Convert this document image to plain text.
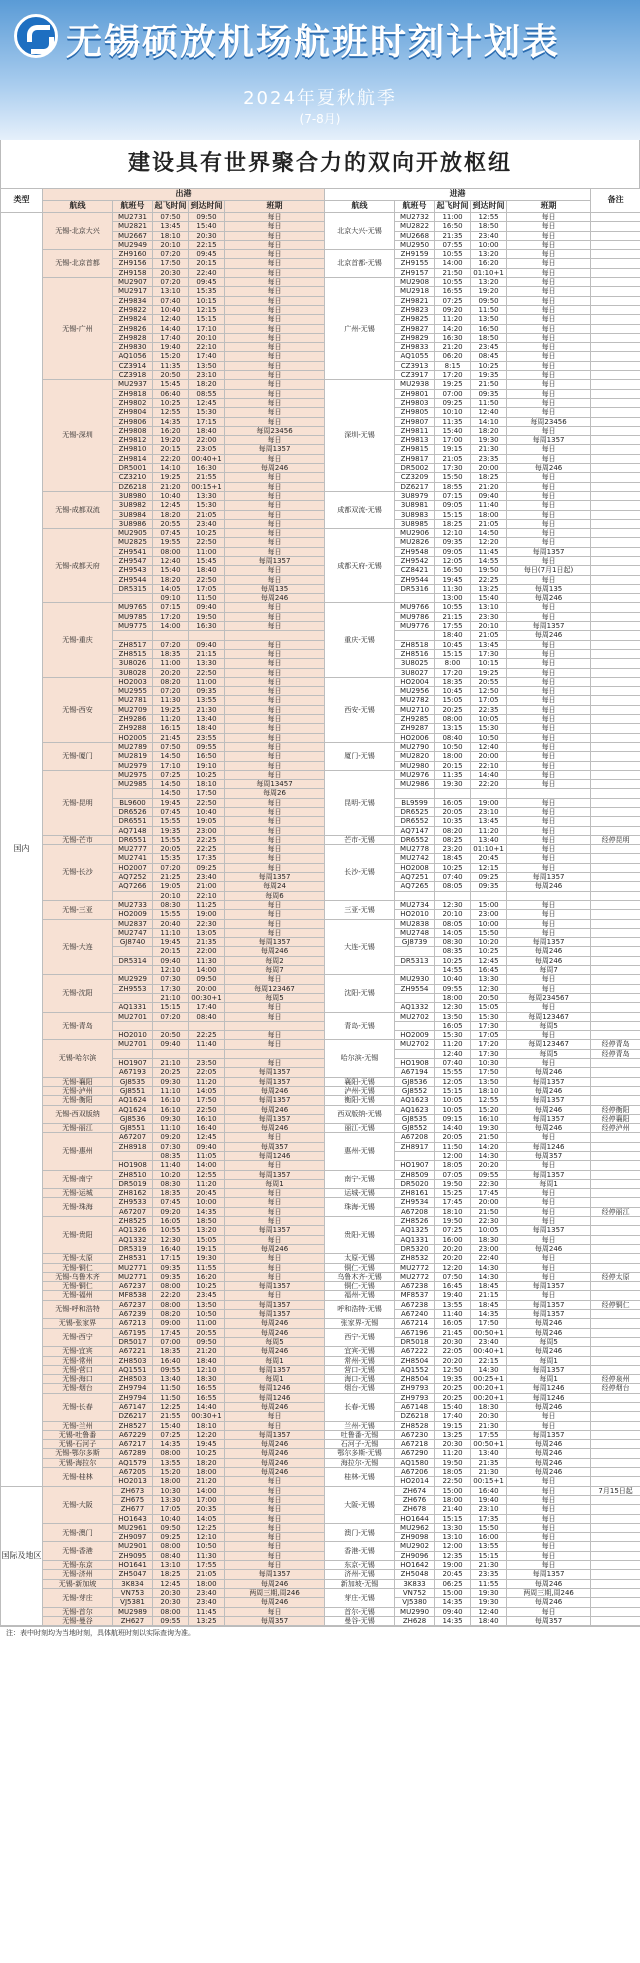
无锡硕放机场航班时刻计划表
2024年夏秋航季
(7-8月)
建设具有世界聚合力的双向开放枢纽
类型	出港					进港					备注
	航线	航班号	起飞时间	到达时间	班期	航线	航班号	起飞时间	到达时间	班期	
国内	无锡-北京大兴	MU2731	07:50	09:50	每日	北京大兴-无锡	MU2732	11:00	12:55	每日	
		MU2821	13:45	15:40	每日		MU2822	16:50	18:50	每日	
		MU2667	18:10	20:30	每日		MU2668	21:35	23:40	每日	
		MU2949	20:10	22:15	每日		MU2950	07:55	10:00	每日	
	无锡-北京首都	ZH9160	07:20	09:45	每日	北京首都-无锡	ZH9159	10:55	13:20	每日	
		ZH9156	17:50	20:15	每日		ZH9155	14:00	16:20	每日	
		ZH9158	20:30	22:40	每日		ZH9157	21:50	01:10+1	每日	
	无锡-广州	MU2907	07:20	09:45	每日	广州-无锡	MU2908	10:55	13:20	每日	
		MU2917	13:10	15:35	每日		MU2918	16:55	19:20	每日	
		ZH9834	07:40	10:15	每日		ZH9821	07:25	09:50	每日	
		ZH9822	10:40	12:15	每日		ZH9823	09:20	11:50	每日	
		ZH9824	12:40	15:15	每日		ZH9825	11:20	13:50	每日	
		ZH9826	14:40	17:10	每日		ZH9827	14:20	16:50	每日	
		ZH9828	17:40	20:10	每日		ZH9829	16:30	18:50	每日	
		ZH9830	19:40	22:10	每日		ZH9833	21:20	23:45	每日	
		AQ1056	15:20	17:40	每日		AQ1055	06:20	08:45	每日	
		CZ3914	11:35	13:50	每日		CZ3913	8:15	10:25	每日	
		CZ3918	20:50	23:10	每日		CZ3917	17:20	19:35	每日	
	无锡-深圳	MU2937	15:45	18:20	每日	深圳-无锡	MU2938	19:25	21:50	每日	
		ZH9818	06:40	08:55	每日		ZH9801	07:00	09:35	每日	
		ZH9802	10:25	12:45	每日		ZH9803	09:25	11:50	每日	
		ZH9804	12:55	15:30	每日		ZH9805	10:10	12:40	每日	
		ZH9806	14:35	17:15	每日		ZH9807	11:35	14:10	每周23456	
		ZH9808	16:20	18:40	每周23456		ZH9811	15:40	18:20	每日	
		ZH9812	19:20	22:00	每日		ZH9813	17:00	19:30	每周1357	
		ZH9810	20:15	23:05	每周1357		ZH9815	19:15	21:30	每日	
		ZH9814	22:20	00:40+1	每日		ZH9817	21:05	23:35	每日	
		DR5001	14:10	16:30	每周246		DR5002	17:30	20:00	每周246	
		CZ3210	19:25	21:55	每日		CZ3209	15:50	18:25	每日	
		DZ6218	21:20	00:15+1	每日		DZ6217	18:55	21:20	每日	
	无锡-成都双流	3U8980	10:40	13:30	每日	成都双流-无锡	3U8979	07:15	09:40	每日	
		3U8982	12:45	15:30	每日		3U8981	09:05	11:40	每日	
		3U8984	18:20	21:05	每日		3U8983	15:15	18:00	每日	
		3U8986	20:55	23:40	每日		3U8985	18:25	21:05	每日	
	无锡-成都天府	MU2905	07:45	10:25	每日	成都天府-无锡	MU2906	12:10	14:50	每日	
		MU2825	19:55	22:50	每日		MU2826	09:35	12:20	每日	
		ZH9541	08:00	11:00	每日		ZH9548	09:05	11:45	每周1357	
		ZH9547	12:40	15:45	每周1357		ZH9542	12:05	14:55	每日	
		ZH9543	15:40	18:40	每日		CZ8421	16:50	19:50	每日(7月1日起)	
		ZH9544	18:20	22:50	每日		ZH9544	19:45	22:25	每日	
		DR5315	14:05	17:05	每周135		DR5316	11:30	13:25	每周135	
			09:10	11:50	每周246			13:00	15:40	每周246	
	无锡-重庆	MU9765	07:15	09:40	每日	重庆-无锡	MU9766	10:55	13:10	每日	
		MU9785	17:20	19:50	每日		MU9786	21:15	23:30	每日	
		MU9775	14:00	16:30	每日		MU9776	17:55	20:10	每周1357	
								18:40	21:05	每周246	
		ZH8517	07:20	09:40	每日		ZH8518	10:45	13:45	每日	
		ZH8515	18:35	21:15	每日		ZH8516	15:15	17:30	每日	
		3U8026	11:00	13:30	每日		3U8025	8:00	10:15	每日	
		3U8028	20:20	22:50	每日		3U8027	17:20	19:25	每日	
	无锡-西安	HO2003	08:20	11:00	每日	西安-无锡	HO2004	18:35	20:55	每日	
		MU2955	07:20	09:35	每日		MU2956	10:45	12:50	每日	
		MU2781	11:30	13:55	每日		MU2782	15:05	17:05	每日	
		MU2709	19:25	21:30	每日		MU2710	20:25	22:35	每日	
		ZH9286	11:20	13:40	每日		ZH9285	08:00	10:05	每日	
		ZH9288	16:15	18:40	每日		ZH9287	13:15	15:30	每日	
		HO2005	21:45	23:55	每日		HO2006	08:40	10:50	每日	
	无锡-厦门	MU2789	07:50	09:55	每日	厦门-无锡	MU2790	10:50	12:40	每日	
		MU2819	14:50	16:50	每日		MU2820	18:00	20:00	每日	
		MU2979	17:10	19:10	每日		MU2980	20:15	22:10	每日	
	无锡-昆明	MU2975	07:25	10:25	每日	昆明-无锡	MU2976	11:35	14:40	每日	
		MU2985	14:50	18:10	每周13457		MU2986	19:30	22:20	每日	
			14:50	17:50	每周26						
		BL9600	19:45	22:50	每日		BL9599	16:05	19:00	每日	
		DR6526	07:45	10:40	每日		DR6525	20:05	23:10	每日	
		DR6551	15:55	19:05	每日		DR6552	10:35	13:45	每日	
		AQ7148	19:35	23:00	每日		AQ7147	08:20	11:20	每日	
	无锡-芒市	DR6551	15:55	22:25	每日	芒市-无锡	DR6552	08:25	13:40	每日	经停昆明
	无锡-长沙	MU2777	20:05	22:25	每日	长沙-无锡	MU2778	23:20	01:10+1	每日	
		MU2741	15:35	17:35	每日		MU2742	18:45	20:45	每日	
		HO2007	07:20	09:25	每日		HO2008	10:25	12:15	每日	
		AQ7252	21:25	23:40	每周1357		AQ7251	07:40	09:25	每周1357	
		AQ7266	19:05	21:00	每周24		AQ7265	08:05	09:35	每周246	
			20:10	22:10	每周6						
	无锡-三亚	MU2733	08:30	11:25	每日	三亚-无锡	MU2734	12:30	15:00	每日	
		HO2009	15:55	19:00	每日		HO2010	20:10	23:00	每日	
	无锡-大连	MU2837	20:40	22:30	每日	大连-无锡	MU2838	08:05	10:00	每日	
		MU2747	11:10	13:05	每日		MU2748	14:05	15:50	每日	
		GJ8740	19:45	21:35	每周1357		GJ8739	08:30	10:20	每周1357	
			20:15	22:00	每周246			08:35	10:25	每周246	
		DR5314	09:40	11:30	每周2		DR5313	10:25	12:45	每周246	
			12:10	14:00	每周7			14:55	16:45	每周7	
	无锡-沈阳	MU2929	07:30	09:50	每日	沈阳-无锡	MU2930	10:40	13:30	每日	
		ZH9553	17:30	20:00	每周123467		ZH9554	09:55	12:30	每日	
			21:10	00:30+1	每周5			18:00	20:50	每周234567	
		AQ1331	15:15	17:40	每日		AQ1332	12:30	15:05	每日	
	无锡-青岛	MU2701	07:20	08:40	每日	青岛-无锡	MU2702	13:50	15:30	每周123467	
								16:05	17:30	每周5	
		HO2010	20:50	22:25	每日		HO2009	15:30	17:05	每日	
	无锡-哈尔滨	MU2701	09:40	11:40	每日	哈尔滨-无锡	MU2702	11:20	17:20	每周123467	经停青岛
								12:40	17:30	每周5	经停青岛
		HO1907	21:10	23:50	每日		HO1908	07:40	10:30	每日	
		A67193	20:25	22:05	每周1357		A67194	15:55	17:50	每周246	
	无锡-襄阳	GJ8535	09:30	11:20	每周1357	襄阳-无锡	GJ8536	12:05	13:50	每周1357	
	无锡-泸州	GJ8551	11:10	14:05	每周246	泸州-无锡	GJ8552	15:15	18:10	每周246	
	无锡-衡阳	AQ1624	16:10	17:50	每周1357	衡阳-无锡	AQ1623	10:05	12:55	每周1357	
	无锡-西双版纳	AQ1624	16:10	22:50	每周246	西双版纳-无锡	AQ1623	10:05	15:20	每周246	经停衡阳
		GJ8536	09:30	16:10	每周1357		GJ8535	09:15	16:10	每周1357	经停襄阳
	无锡-丽江	GJ8551	11:10	16:40	每周246	丽江-无锡	GJ8552	14:40	19:30	每周246	经停泸州
	无锡-惠州	A67207	09:20	12:45	每日	惠州-无锡	A67208	20:05	21:50	每日	
		ZH8918	07:30	09:40	每周357		ZH8917	11:50	14:20	每周1246	
			08:35	11:05	每周1246			12:00	14:30	每周357	
		HO1908	11:40	14:00	每日		HO1907	18:05	20:20	每日	
	无锡-南宁	ZH8510	10:20	12:55	每周1357	南宁-无锡	ZH8509	07:05	09:55	每周1357	
		DR5019	08:30	11:20	每周1		DR5020	19:50	22:30	每周1	
	无锡-运城	ZH8162	18:35	20:45	每日	运城-无锡	ZH8161	15:25	17:45	每日	
	无锡-珠海	ZH9533	07:45	10:00	每日	珠海-无锡	ZH9534	17:45	20:00	每日	
		A67207	09:20	14:35	每日		A67208	18:10	21:50	每日	经停丽江
	无锡-贵阳	ZH8525	16:05	18:50	每日	贵阳-无锡	ZH8526	19:50	22:30	每日	
		AQ1326	10:55	13:20	每周1357		AQ1325	07:25	10:05	每周1357	
		AQ1332	12:30	15:05	每日		AQ1331	16:00	18:30	每日	
		DR5319	16:40	19:15	每周246		DR5320	20:20	23:00	每周246	
	无锡-太原	ZH8531	17:15	19:30	每日	太原-无锡	ZH8532	20:20	22:40	每日	
	无锡-铜仁	MU2771	09:35	11:55	每日	铜仁-无锡	MU2772	12:20	14:30	每日	
	无锡-乌鲁木齐	MU2771	09:35	16:20	每日	乌鲁木齐-无锡	MU2772	07:50	14:30	每日	经停太原
	无锡-铜仁	A67237	08:00	10:25	每周1357	铜仁-无锡	A67238	16:45	18:45	每周1357	
	无锡-福州	MF8538	22:20	23:45	每日	福州-无锡	MF8537	19:40	21:15	每日	
	无锡-呼和浩特	A67237	08:00	13:50	每周1357	呼和浩特-无锡	A67238	13:55	18:45	每周1357	经停铜仁
		A67239	08:20	10:50	每周1357		A67240	11:40	14:35	每周1357	
	无锡-张家界	A67213	09:00	11:00	每周246	张家界-无锡	A67214	16:05	17:50	每周246	
	无锡-西宁	A67195	17:45	20:55	每周246	西宁-无锡	A67196	21:45	00:50+1	每周246	
		DR5017	07:00	09:50	每周5		DR5018	20:30	23:40	每周5	
	无锡-宜宾	A67221	18:35	21:20	每周246	宜宾-无锡	A67222	22:05	00:40+1	每周246	
	无锡-常州	ZH8503	16:40	18:40	每周1	常州-无锡	ZH8504	20:20	22:15	每周1	
	无锡-营口	AQ1551	09:55	12:10	每周1357	营口-无锡	AQ1552	12:50	14:30	每周1357	
	无锡-海口	ZH8503	13:40	18:30	每周1	海口-无锡	ZH8504	19:35	00:25+1	每周1	经停泉州
	无锡-烟台	ZH9794	11:50	16:55	每周1246	烟台-无锡	ZH9793	20:25	00:20+1	每周1246	经停烟台
	无锡-长春	ZH9794	11:50	16:55	每周1246	长春-无锡	ZH9793	20:25	00:20+1	每周1246	
		A67147	12:25	14:40	每周246		A67148	15:40	18:30	每周246	
		DZ6217	21:55	00:30+1	每日		DZ6218	17:40	20:30	每日	
	无锡-兰州	ZH8527	15:40	18:10	每日	兰州-无锡	ZH8528	19:15	21:30	每日	
	无锡-吐鲁番	A67229	07:25	12:20	每周1357	吐鲁番-无锡	A67230	13:25	17:55	每周1357	
	无锡-石河子	A67217	14:35	19:45	每周246	石河子-无锡	A67218	20:30	00:50+1	每周246	
	无锡-鄂尔多斯	A67289	08:00	10:25	每周246	鄂尔多斯-无锡	A67290	11:20	13:40	每周246	
	无锡-海拉尔	AQ1579	13:55	18:20	每周246	海拉尔-无锡	AQ1580	19:50	21:35	每周246	
	无锡-桂林	A67205	15:20	18:00	每周246	桂林-无锡	A67206	18:05	21:30	每周246	
		HO2013	18:00	21:20	每日		HO2014	22:50	00:15+1	每日	
国际及地区	无锡-大阪	ZH673	10:30	14:00	每日	大阪-无锡	ZH674	15:00	16:40	每日	7月15日起
		ZH675	13:30	17:00	每日		ZH676	18:00	19:40	每日	
		ZH677	17:05	20:35	每日		ZH678	21:40	23:10	每日	
		HO1643	10:40	14:05	每日		HO1644	15:15	17:35	每日	
	无锡-澳门	MU2961	09:50	12:25	每日	澳门-无锡	MU2962	13:30	15:50	每日	
		ZH9097	09:25	12:10	每日		ZH9098	13:10	16:00	每日	
	无锡-香港	MU2901	08:00	10:50	每日	香港-无锡	MU2902	12:00	13:55	每日	
		ZH9095	08:40	11:30	每日		ZH9096	12:35	15:15	每日	
	无锡-东京	HO1641	13:10	17:55	每日	东京-无锡	HO1642	19:00	21:30	每日	
	无锡-济州	ZH5047	18:25	21:05	每周1357	济州-无锡	ZH5048	20:45	23:35	每周1357	
	无锡-新加坡	3K834	12:45	18:00	每周246	新加坡-无锡	3K833	06:25	11:55	每周246	
	无锡-芽庄	VN753	20:30	23:40	两周三期,周246	芽庄-无锡	VN752	15:00	19:30	两周三期,周246	
		VJ5381	20:30	23:40	每周246		VJ5380	14:35	19:30	每周246	
	无锡-首尔	MU2989	08:00	11:45	每日	首尔-无锡	MU2990	09:40	12:40	每日	
	无锡-曼谷	ZH627	09:55	13:25	每周357	曼谷-无锡	ZH628	14:35	18:40	每周357	
注：表中时刻均为当地时刻，具体航班时刻以实际查询为准。
